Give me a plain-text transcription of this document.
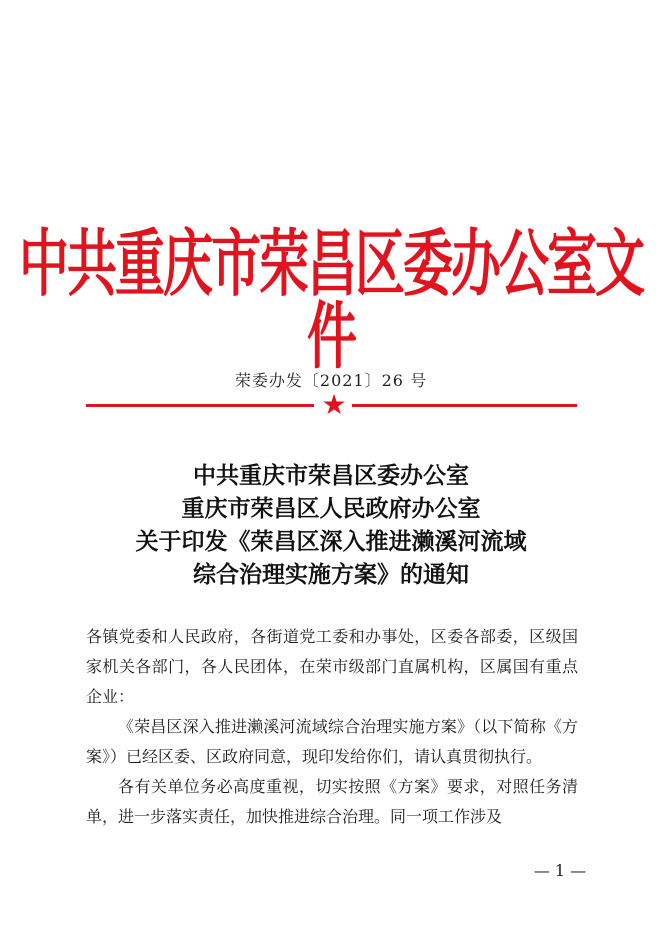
中共重庆市荣昌区委办公室文件
荣委办发〔2021〕26 号
★
中共重庆市荣昌区委办公室
重庆市荣昌区人民政府办公室
关于印发《荣昌区深入推进濑溪河流域
综合治理实施方案》的通知

各镇党委和人民政府，各街道党工委和办事处，区委各部委，区级国家机关各部门，各人民团体，在荣市级部门直属机构，区属国有重点企业：

《荣昌区深入推进濑溪河流域综合治理实施方案》（以下简称《方案》）已经区委、区政府同意，现印发给你们，请认真贯彻执行。

各有关单位务必高度重视，切实按照《方案》要求，对照任务清单，进一步落实责任，加快推进综合治理。同一项工作涉及

— 1 —
